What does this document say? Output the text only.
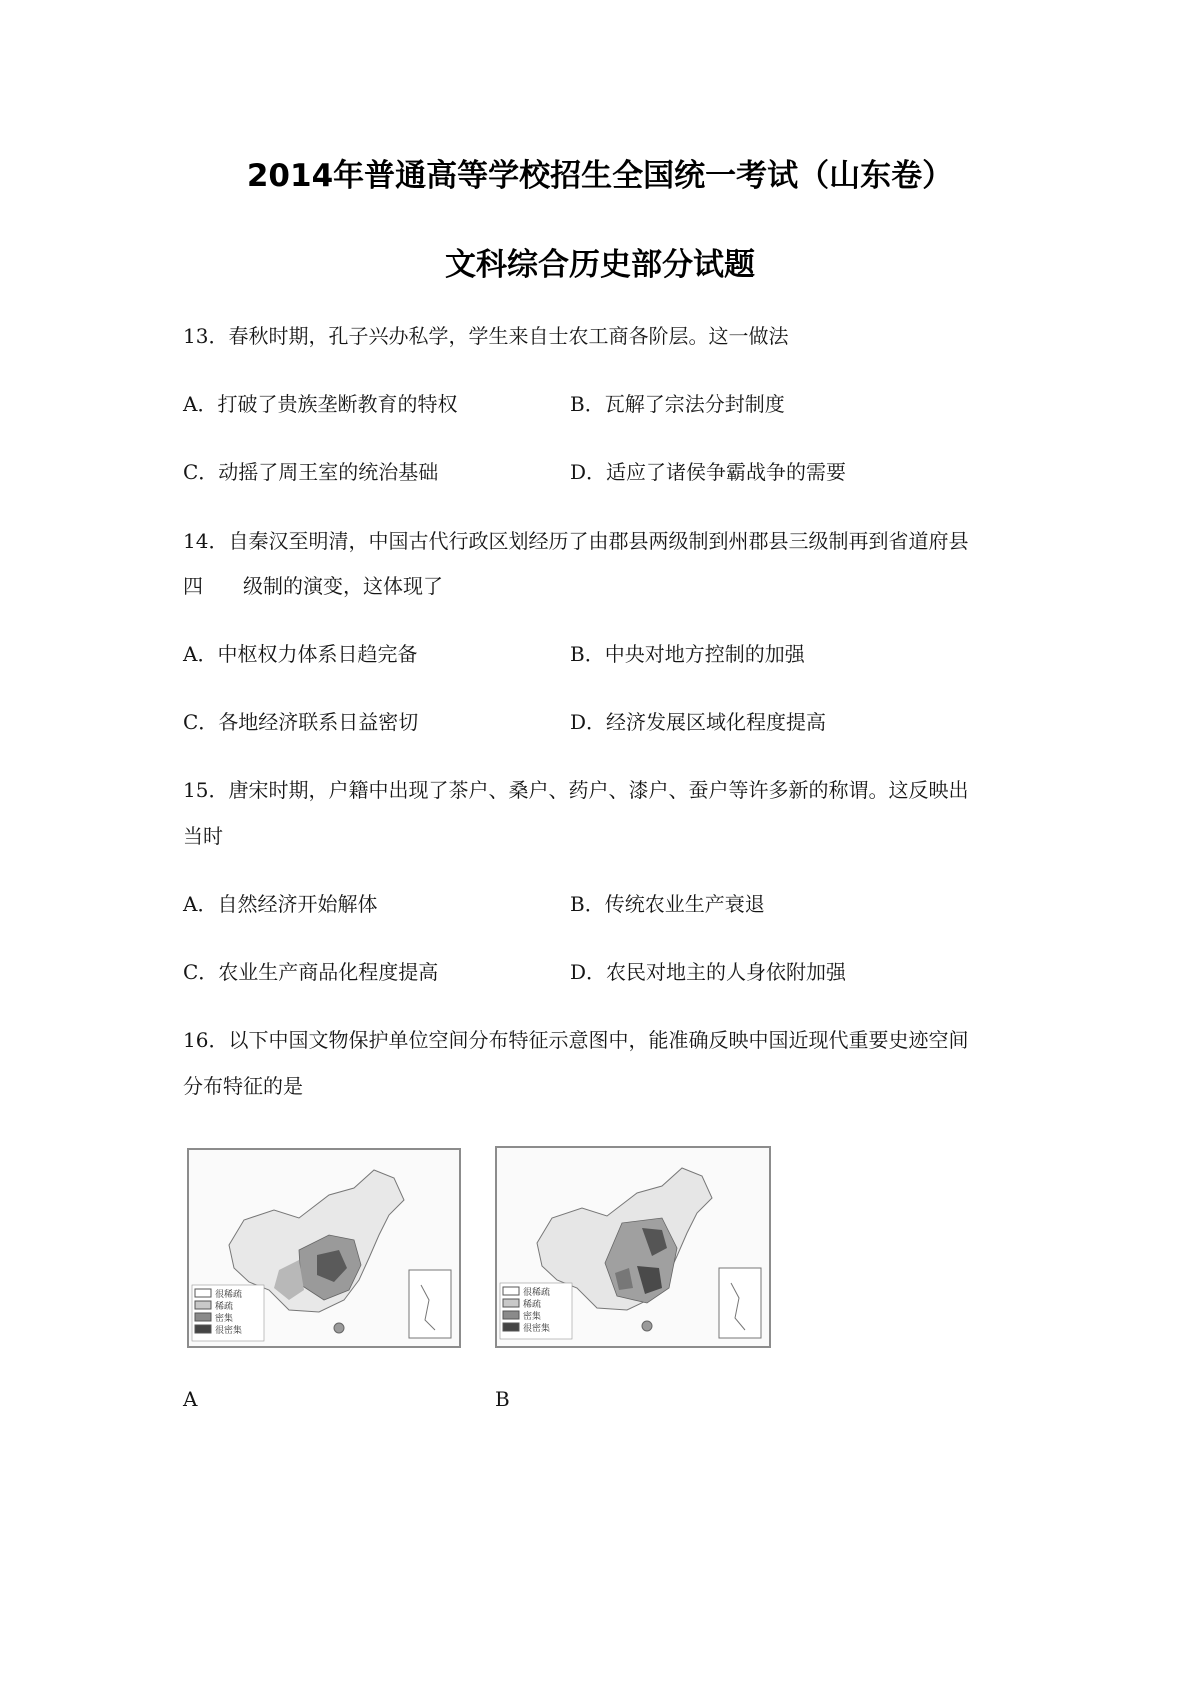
2014年普通高等学校招生全国统一考试（山东卷）
文科综合历史部分试题
13．春秋时期，孔子兴办私学，学生来自士农工商各阶层。这一做法
A．打破了贵族垄断教育的特权	B．瓦解了宗法分封制度
C．动摇了周王室的统治基础	D．适应了诸侯争霸战争的需要
14．自秦汉至明清，中国古代行政区划经历了由郡县两级制到州郡县三级制再到省道府县
四　　级制的演变，这体现了
A．中枢权力体系日趋完备	B．中央对地方控制的加强
C．各地经济联系日益密切	D．经济发展区域化程度提高
15．唐宋时期，户籍中出现了茶户、桑户、药户、漆户、蚕户等许多新的称谓。这反映出
当时
A．自然经济开始解体	B．传统农业生产衰退
C．农业生产商品化程度提高	D．农民对地主的人身依附加强
16．以下中国文物保护单位空间分布特征示意图中，能准确反映中国近现代重要史迹空间
分布特征的是
很稀疏
稀疏
密集
很密集
很稀疏
稀疏
密集
很密集
A	B
